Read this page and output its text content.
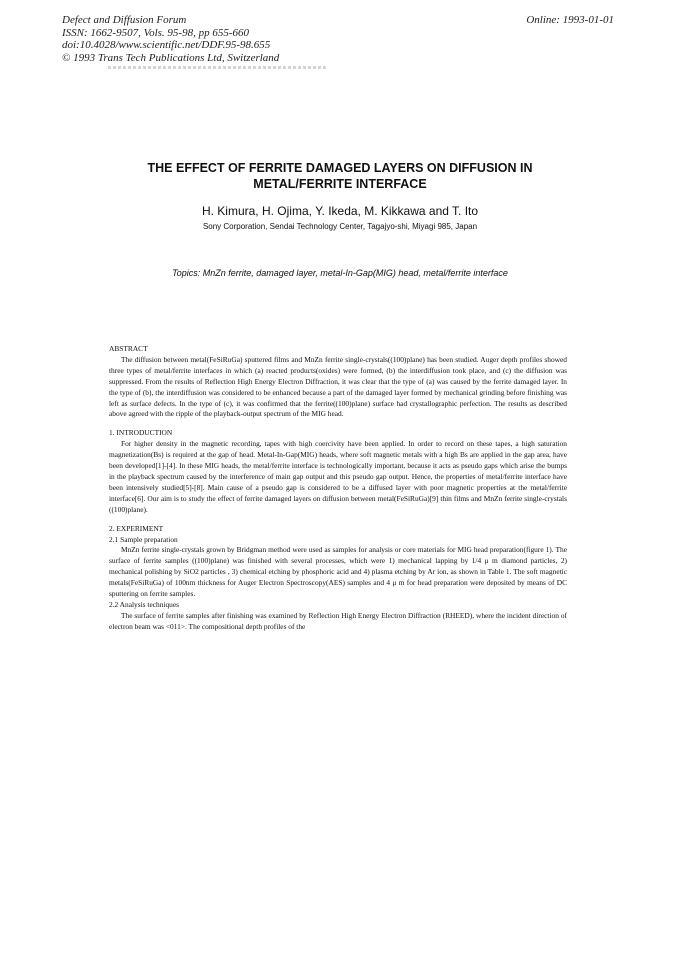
Defect and Diffusion Forum
ISSN: 1662-9507, Vols. 95-98, pp 655-660
doi:10.4028/www.scientific.net/DDF.95-98.655
© 1993 Trans Tech Publications Ltd, Switzerland
Online: 1993-01-01
THE EFFECT OF FERRITE DAMAGED LAYERS ON DIFFUSION IN
METAL/FERRITE INTERFACE
H. Kimura, H. Ojima, Y. Ikeda, M. Kikkawa and T. Ito
Sony Corporation, Sendai Technology Center, Tagajyo-shi, Miyagi 985, Japan
Topics: MnZn ferrite, damaged layer, metal-In-Gap(MIG) head, metal/ferrite interface
ABSTRACT

The diffusion between metal(FeSiRuGa) sputtered films and MnZn ferrite single-crystals((100)plane) has been studied. Auger depth profiles showed three types of metal/ferrite interfaces in which (a) reacted products(oxides) were formed, (b) the interdiffusion took place, and (c) the diffusion was suppressed. From the results of Reflection High Energy Electron Diffraction, it was clear that the type of (a) was caused by the ferrite damaged layer. In the type of (b), the interdiffusion was considered to be enhanced because a part of the damaged layer formed by mechanical grinding before finishing was left as surface defects. In the type of (c), it was confirmed that the ferrite((100)plane) surface had crystallographic perfection. The results as described above agreed with the ripple of the playback-output spectrum of the MIG head.

1. INTRODUCTION

For higher density in the magnetic recording, tapes with high coercivity have been applied. In order to record on these tapes, a high saturation magnetization(Bs) is required at the gap of head. Metal-In-Gap(MIG) heads, where soft magnetic metals with a high Bs are applied in the gap area, have been developed[1]-[4]. In these MIG heads, the metal/ferrite interface is technologically important, because it acts as pseudo gaps which arise the bumps in the playback spectrum caused by the interference of main gap output and this pseudo gap output. Hence, the properties of metal/ferrite interface have been intensively studied[5]-[8]. Main cause of a pseudo gap is considered to be a diffused layer with poor magnetic properties at the metal/ferrite interface[6]. Our aim is to study the effect of ferrite damaged layers on diffusion between metal(FeSiRuGa)[9] thin films and MnZn ferrite single-crystals ((100)plane).

2. EXPERIMENT
2.1 Sample preparation

MnZn ferrite single-crystals grown by Bridgman method were used as samples for analysis or core materials for MIG head preparation(figure 1). The surface of ferrite samples ((100)plane) was finished with several processes, which were 1) mechanical lapping by 1/4 μ m diamond particles, 2) mechanical polishing by SiO2 particles , 3) chemical etching by phosphoric acid and 4) plasma etching by Ar ion, as shown in Table 1. The soft magnetic metals(FeSiRuGa) of 100nm thickness for Auger Electron Spectroscopy(AES) samples and 4 μ m for head preparation were deposited by means of DC sputtering on ferrite samples.

2.2 Analysis techniques

The surface of ferrite samples after finishing was examined by Reflection High Energy Electron Diffraction (RHEED), where the incident direction of electron beam was <011>. The compositional depth profiles of the
